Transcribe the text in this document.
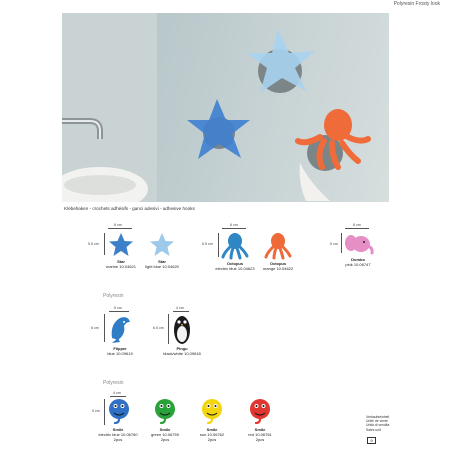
Polyresin Frosty look
Klebehaken - crochets adhésifs - ganci adesivi - adhesive hooks
6 cm
5.5 cm
6 cm
6.5 cm
6 cm
5 cm
Star
marine 10.04621
Star
light blue 10.04620
Octopus
electric blue 10.04623
Octopus
orange 10.04622
Dombo
pink 10.06747
Polyresin
5 cm
6 cm
Flipper
blue 10.09619
4 cm
6.5 cm
Pingu
black/white 10.09618
Polyresin
4 cm
5 cm
Smile
electric blue 10.06760
2pcs
Smile
green 10.06759
2pcs
Smile
sun 10.06762
2pcs
Smile
red 10.06761
2pcs
Verkaufseinheit
Unité de vente
Unità di vendita
Sales unit
9
